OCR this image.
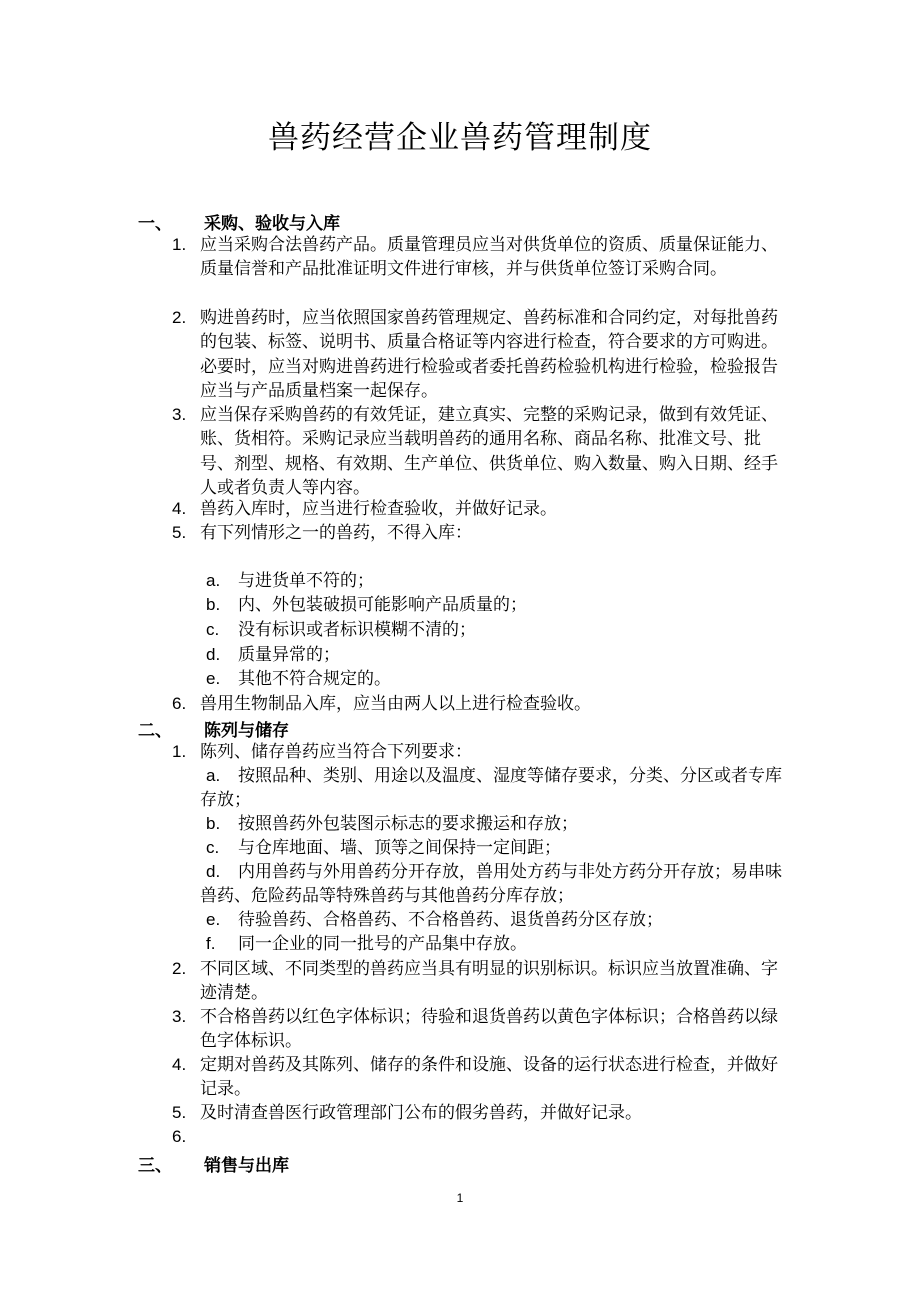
兽药经营企业兽药管理制度
一、 采购、验收与入库
1. 应当采购合法兽药产品。质量管理员应当对供货单位的资质、质量保证能力、质量信誉和产品批准证明文件进行审核，并与供货单位签订采购合同。
2. 购进兽药时，应当依照国家兽药管理规定、兽药标准和合同约定，对每批兽药的包装、标签、说明书、质量合格证等内容进行检查，符合要求的方可购进。必要时，应当对购进兽药进行检验或者委托兽药检验机构进行检验，检验报告应当与产品质量档案一起保存。
3. 应当保存采购兽药的有效凭证，建立真实、完整的采购记录，做到有效凭证、账、货相符。采购记录应当载明兽药的通用名称、商品名称、批准文号、批号、剂型、规格、有效期、生产单位、供货单位、购入数量、购入日期、经手人或者负责人等内容。
4. 兽药入库时，应当进行检查验收，并做好记录。
5. 有下列情形之一的兽药，不得入库：
a. 与进货单不符的；
b. 内、外包装破损可能影响产品质量的；
c. 没有标识或者标识模糊不清的；
d. 质量异常的；
e. 其他不符合规定的。
6. 兽用生物制品入库，应当由两人以上进行检查验收。
二、 陈列与储存
1. 陈列、储存兽药应当符合下列要求：
a. 按照品种、类别、用途以及温度、湿度等储存要求，分类、分区或者专库存放；
b. 按照兽药外包装图示标志的要求搬运和存放；
c. 与仓库地面、墙、顶等之间保持一定间距；
d. 内用兽药与外用兽药分开存放，兽用处方药与非处方药分开存放；易串味兽药、危险药品等特殊兽药与其他兽药分库存放；
e. 待验兽药、合格兽药、不合格兽药、退货兽药分区存放；
f. 同一企业的同一批号的产品集中存放。
2. 不同区域、不同类型的兽药应当具有明显的识别标识。标识应当放置准确、字迹清楚。
3. 不合格兽药以红色字体标识；待验和退货兽药以黄色字体标识；合格兽药以绿色字体标识。
4. 定期对兽药及其陈列、储存的条件和设施、设备的运行状态进行检查，并做好记录。
5. 及时清查兽医行政管理部门公布的假劣兽药，并做好记录。
6.
三、 销售与出库
1
